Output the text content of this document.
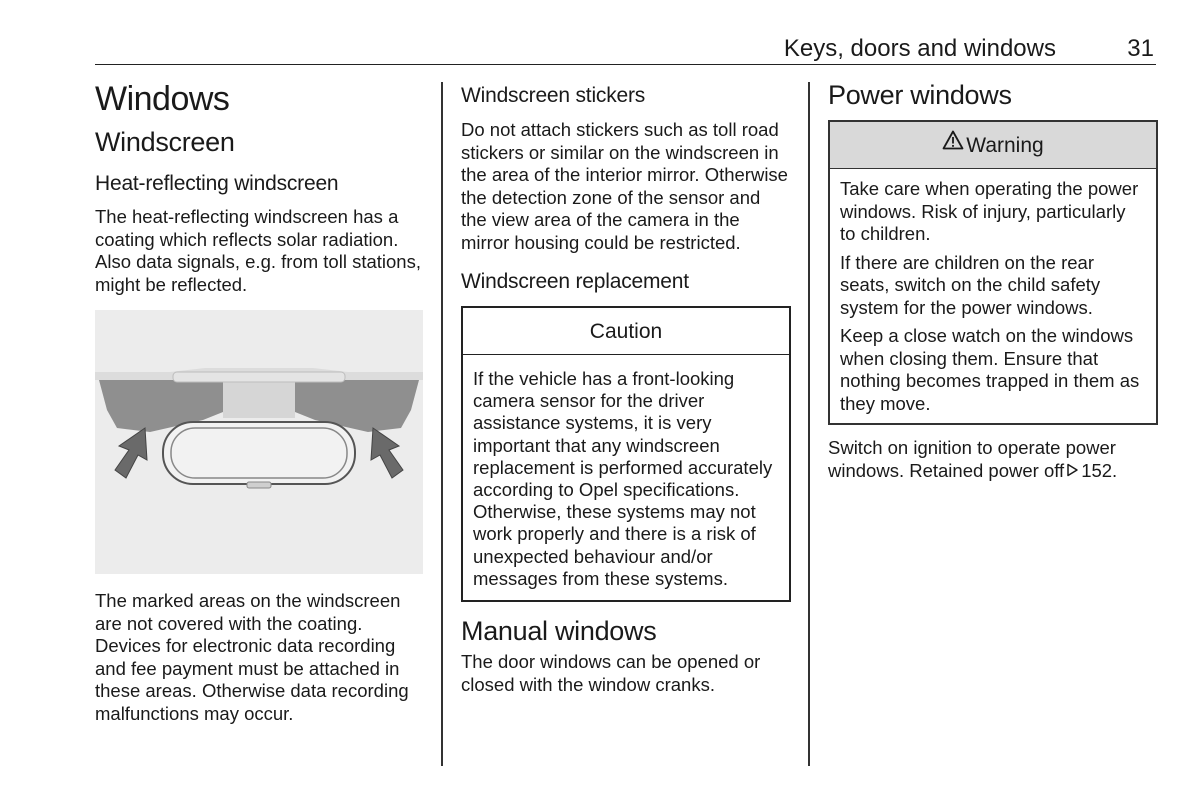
Keys, doors and windows	31
Windows
Windscreen
Heat-reflecting windscreen

The heat-reflecting windscreen has a coating which reflects solar radiation. Also data signals, e.g. from toll stations, might be reflected.

The marked areas on the windscreen are not covered with the coating. Devices for electronic data recording and fee payment must be attached in these areas. Otherwise data recording malfunctions may occur.

Windscreen stickers

Do not attach stickers such as toll road stickers or similar on the windscreen in the area of the interior mirror. Otherwise the detection zone of the sensor and the view area of the camera in the mirror housing could be restricted.

Windscreen replacement
Caution

If the vehicle has a front-looking camera sensor for the driver assistance systems, it is very important that any windscreen replacement is performed accurately according to Opel specifications. Otherwise, these systems may not work properly and there is a risk of unexpected behaviour and/or messages from these systems.

Manual windows

The door windows can be opened or closed with the window cranks.

Power windows
Warning

Take care when operating the power windows. Risk of injury, particularly to children.

If there are children on the rear seats, switch on the child safety system for the power windows.

Keep a close watch on the windows when closing them. Ensure that nothing becomes trapped in them as they move.

Switch on ignition to operate power windows. Retained power off 152.
